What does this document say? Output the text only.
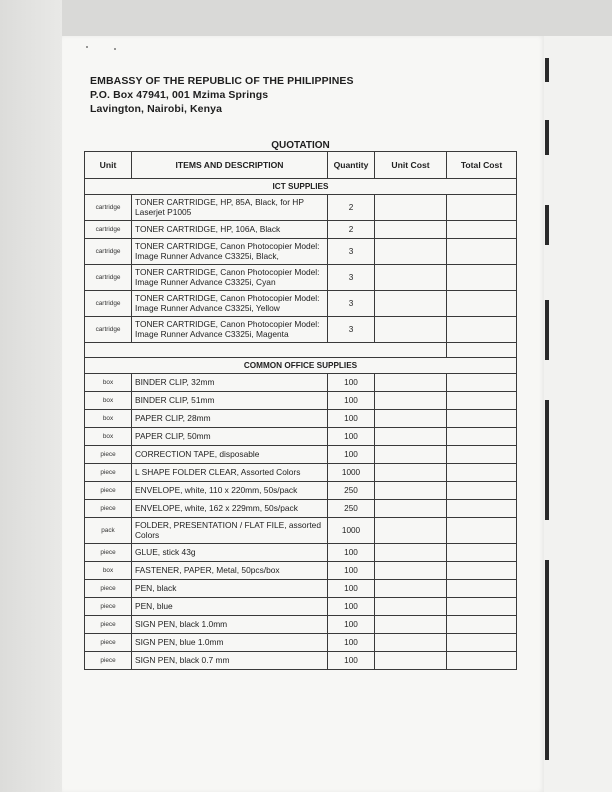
EMBASSY OF THE REPUBLIC OF THE PHILIPPINES
P.O. Box 47941, 001 Mzima Springs
Lavington, Nairobi, Kenya
QUOTATION
Unit	ITEMS AND DESCRIPTION	Quantity	Unit Cost	Total Cost
ICT SUPPLIES				
cartridge	TONER CARTRIDGE, HP, 85A, Black, for HP Laserjet P1005	2		
cartridge	TONER CARTRIDGE, HP, 106A, Black	2		
cartridge	TONER CARTRIDGE, Canon Photocopier Model: Image Runner Advance C3325i, Black,	3		
cartridge	TONER CARTRIDGE, Canon Photocopier Model: Image Runner Advance C3325i, Cyan	3		
cartridge	TONER CARTRIDGE, Canon Photocopier Model: Image Runner Advance C3325i, Yellow	3		
cartridge	TONER CARTRIDGE, Canon Photocopier Model: Image Runner Advance C3325i, Magenta	3		

COMMON OFFICE SUPPLIES				
box	BINDER CLIP, 32mm	100		
box	BINDER CLIP, 51mm	100		
box	PAPER CLIP, 28mm	100		
box	PAPER CLIP, 50mm	100		
piece	CORRECTION TAPE, disposable	100		
piece	L SHAPE FOLDER CLEAR, Assorted Colors	1000		
piece	ENVELOPE, white, 110 x 220mm, 50s/pack	250		
piece	ENVELOPE, white, 162 x 229mm, 50s/pack	250		
pack	FOLDER, PRESENTATION / FLAT FILE, assorted Colors	1000		
piece	GLUE, stick 43g	100		
box	FASTENER, PAPER, Metal, 50pcs/box	100		
piece	PEN, black	100		
piece	PEN, blue	100		
piece	SIGN PEN, black 1.0mm	100		
piece	SIGN PEN, blue 1.0mm	100		
piece	SIGN PEN, black 0.7 mm	100		
